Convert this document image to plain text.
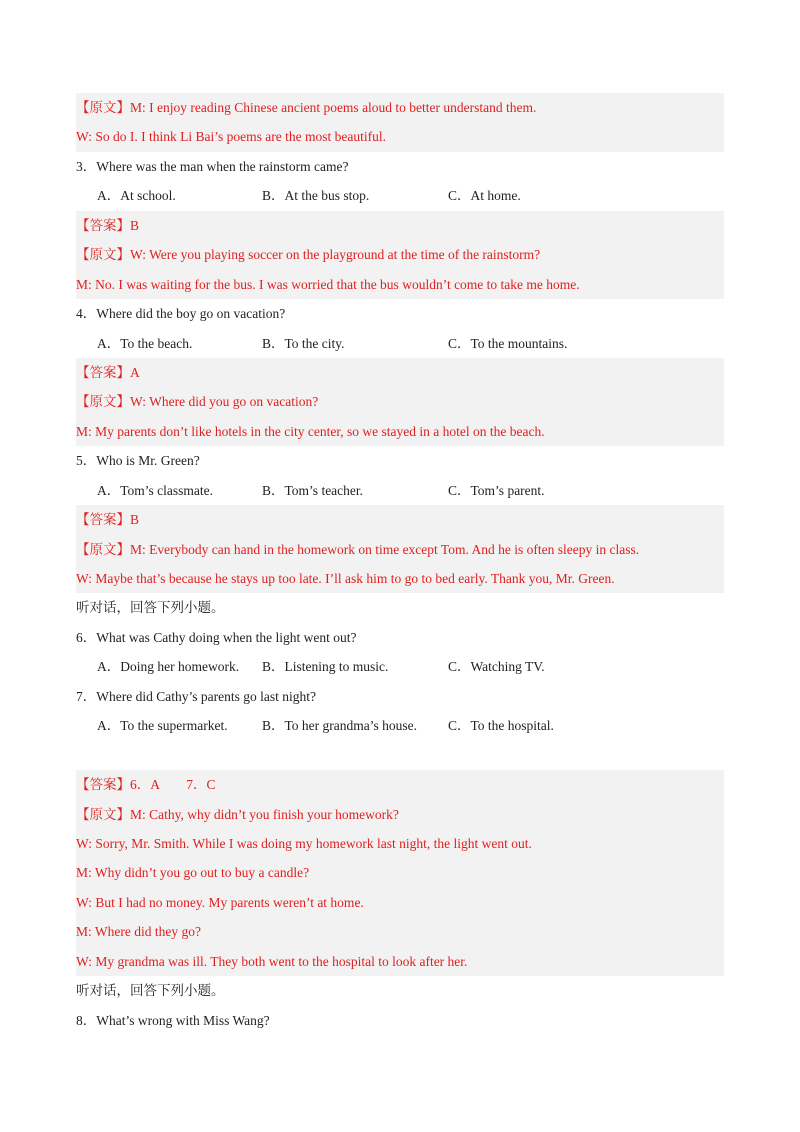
【原文】M: I enjoy reading Chinese ancient poems aloud to better understand them.
W: So do I. I think Li Bai’s poems are the most beautiful.
3．Where was the man when the rainstorm came?
A．At school.	B．At the bus stop.	C．At home.
【答案】B
【原文】W: Were you playing soccer on the playground at the time of the rainstorm?
M: No. I was waiting for the bus. I was worried that the bus wouldn’t come to take me home.
4．Where did the boy go on vacation?
A．To the beach.	B．To the city.	C．To the mountains.
【答案】A
【原文】W: Where did you go on vacation?
M: My parents don’t like hotels in the city center, so we stayed in a hotel on the beach.
5．Who is Mr. Green?
A．Tom’s classmate.	B．Tom’s teacher.	C．Tom’s parent.
【答案】B
【原文】M: Everybody can hand in the homework on time except Tom. And he is often sleepy in class.
W: Maybe that’s because he stays up too late. I’ll ask him to go to bed early. Thank you, Mr. Green.
听对话，回答下列小题。
6．What was Cathy doing when the light went out?
A．Doing her homework. B．Listening to music.	C．Watching TV.
7．Where did Cathy’s parents go last night?
A．To the supermarket.	B．To her grandma’s house. C．To the hospital.
【答案】6．A　　7．C
【原文】M: Cathy, why didn’t you finish your homework?
W: Sorry, Mr. Smith. While I was doing my homework last night, the light went out.
M: Why didn’t you go out to buy a candle?
W: But I had no money. My parents weren’t at home.
M: Where did they go?
W: My grandma was ill. They both went to the hospital to look after her.
听对话，回答下列小题。
8．What’s wrong with Miss Wang?
